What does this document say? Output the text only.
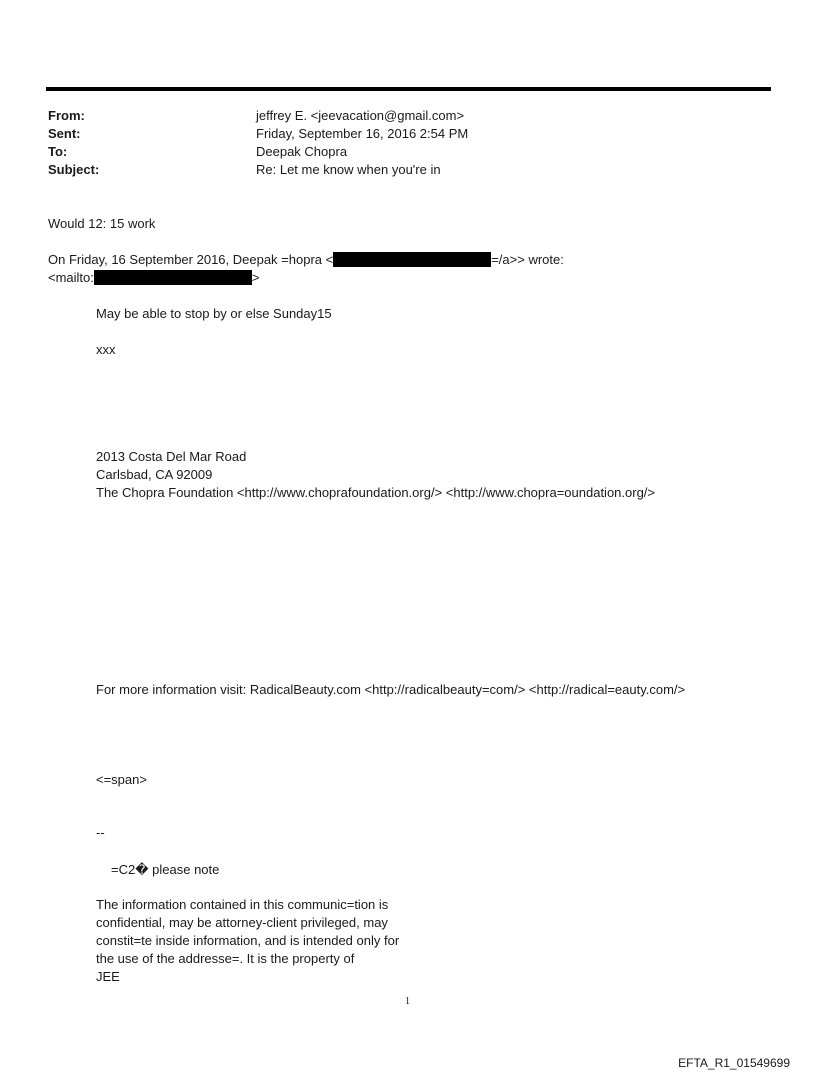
From:	jeffrey E. <jeevacation@gmail.com>
Sent:	Friday, September 16, 2016 2:54 PM
To:	Deepak Chopra
Subject:	Re: Let me know when you're in
Would 12: 15 work
On Friday, 16 September 2016, Deepak =hopra <	=/a>> wrote:
<mailto:	>
May be able to stop by or else Sunday15
xxx
2013 Costa Del Mar Road
Carlsbad, CA 92009
The Chopra Foundation <http://www.choprafoundation.org/> <http://www.chopra=oundation.org/>
For more information visit: RadicalBeauty.com <http://radicalbeauty=com/> <http://radical=eauty.com/>
<=span>
--
=C2� please note
The information contained in this communic=tion is
confidential, may be attorney-client privileged, may
constit=te inside information, and is intended only for
the use of the addresse=. It is the property of
JEE
1
EFTA_R1_01549699
